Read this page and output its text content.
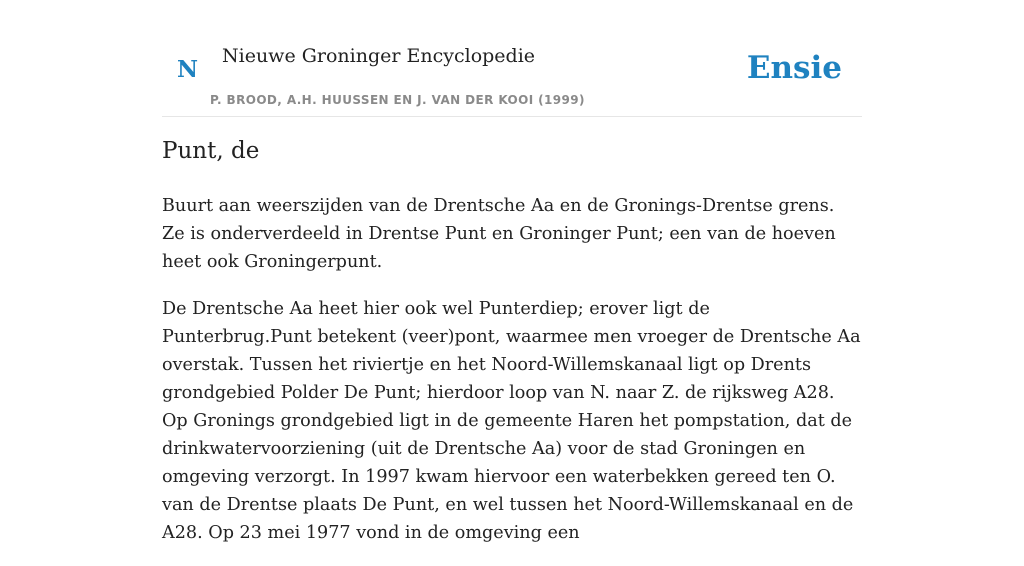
N Nieuwe Groninger Encyclopedie
P. BROOD, A.H. HUUSSEN EN J. VAN DER KOOI (1999)
Ensie
Punt, de

Buurt aan weerszijden van de Drentsche Aa en de Gronings-Drentse grens. Ze is onderverdeeld in Drentse Punt en Groninger Punt; een van de hoeven heet ook Groningerpunt.

De Drentsche Aa heet hier ook wel Punterdiep; erover ligt de Punterbrug.Punt betekent (veer)pont, waarmee men vroeger de Drentsche Aa overstak. Tussen het riviertje en het Noord-Willemskanaal ligt op Drents grondgebied Polder De Punt; hierdoor loop van N. naar Z. de rijksweg A28. Op Gronings grondgebied ligt in de gemeente Haren het pompstation, dat de drinkwatervoorziening (uit de Drentsche Aa) voor de stad Groningen en omgeving verzorgt. In 1997 kwam hiervoor een waterbekken gereed ten O. van de Drentse plaats De Punt, en wel tussen het Noord-Willemskanaal en de A28. Op 23 mei 1977 vond in de omgeving een
